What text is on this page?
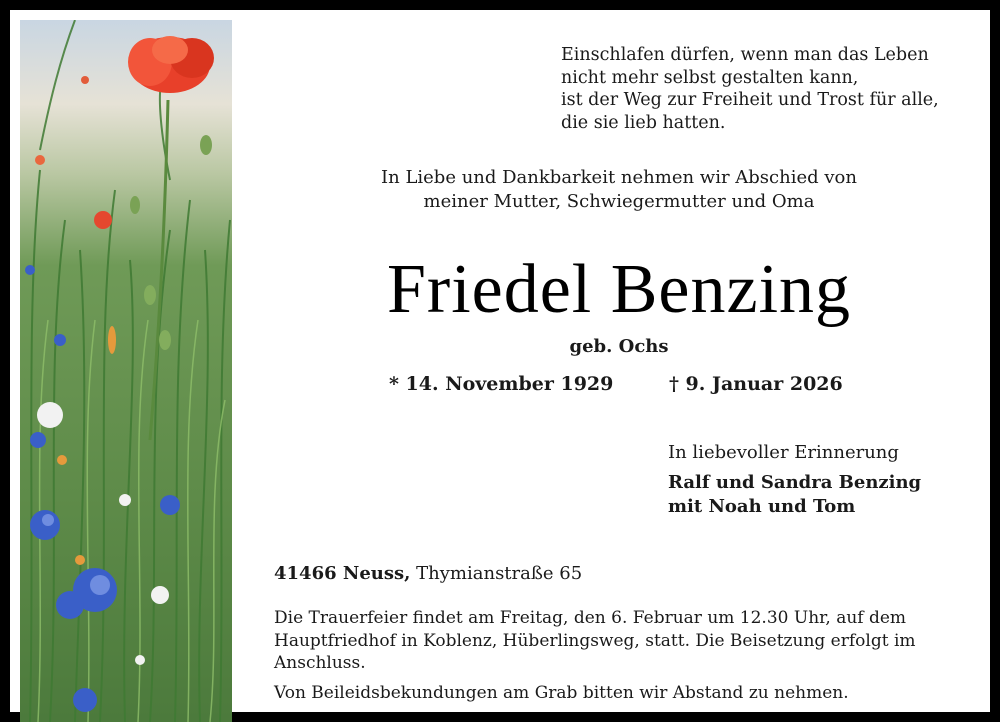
Einschlafen dürfen, wenn man das Leben
nicht mehr selbst gestalten kann,
ist der Weg zur Freiheit und Trost für alle,
die sie lieb hatten.
In Liebe und Dankbarkeit nehmen wir Abschied von
meiner Mutter, Schwiegermutter und Oma
Friedel Benzing
geb. Ochs
* 14. November 1929	† 9. Januar 2026
In liebevoller Erinnerung
Ralf und Sandra Benzing
mit Noah und Tom
41466 Neuss, Thymianstraße 65
Die Trauerfeier findet am Freitag, den 6. Februar um 12.30 Uhr, auf dem
Hauptfriedhof in Koblenz, Hüberlingsweg, statt. Die Beisetzung erfolgt im
Anschluss.
Von Beileidsbekundungen am Grab bitten wir Abstand zu nehmen.
